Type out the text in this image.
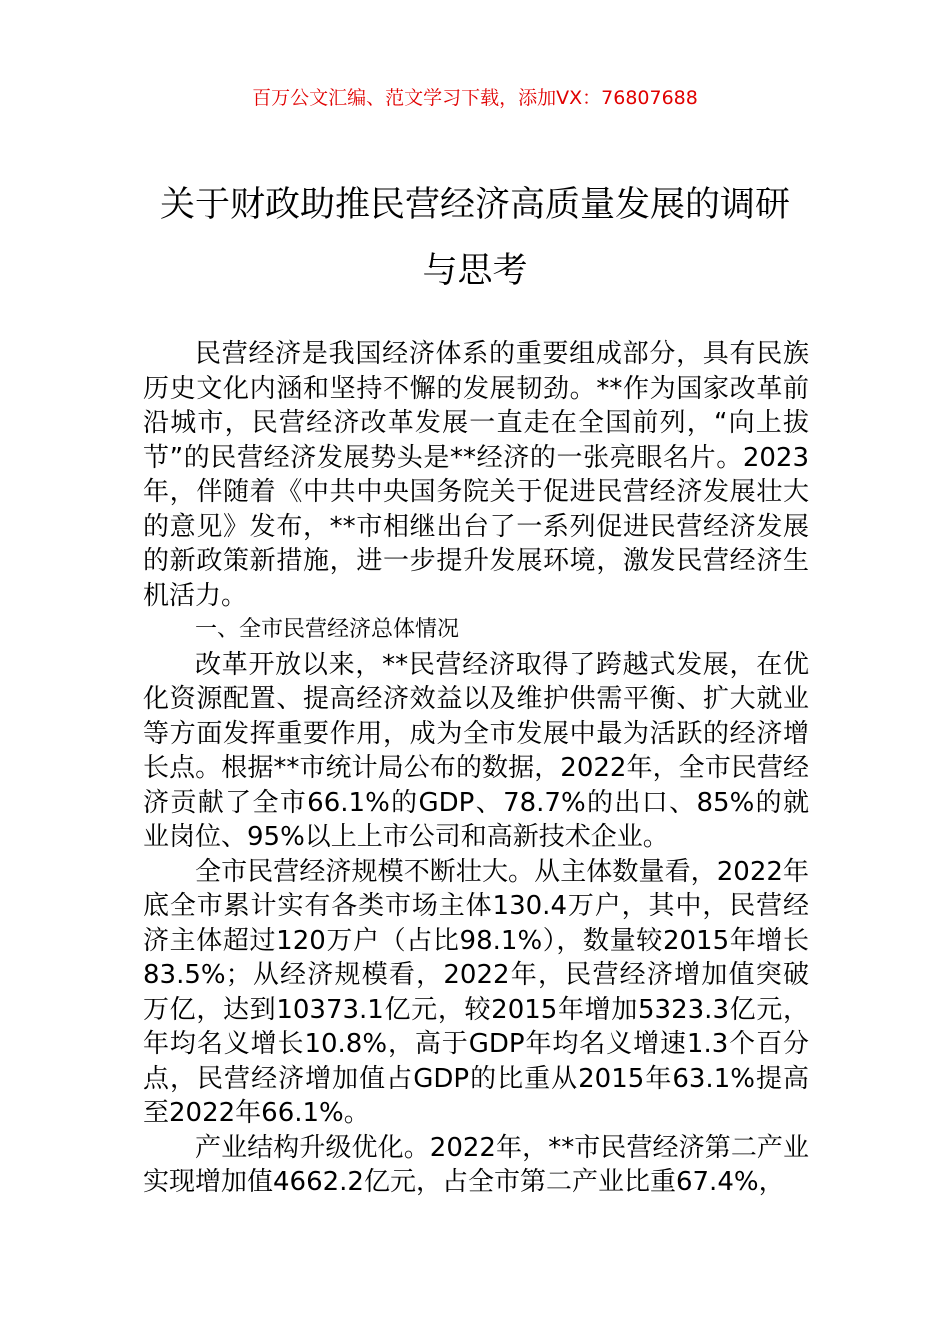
百万公文汇编、范文学习下载，添加VX：76807688
关于财政助推民营经济高质量发展的调研
与思考

民营经济是我国经济体系的重要组成部分，具有民族历史文化内涵和坚持不懈的发展韧劲。**作为国家改革前沿城市，民营经济改革发展一直走在全国前列，“向上拔节”的民营经济发展势头是**经济的一张亮眼名片。2023年，伴随着《中共中央国务院关于促进民营经济发展壮大的意见》发布，**市相继出台了一系列促进民营经济发展的新政策新措施，进一步提升发展环境，激发民营经济生机活力。

一、全市民营经济总体情况

改革开放以来，**民营经济取得了跨越式发展，在优化资源配置、提高经济效益以及维护供需平衡、扩大就业等方面发挥重要作用，成为全市发展中最为活跃的经济增长点。根据**市统计局公布的数据，2022年，全市民营经济贡献了全市66.1%的GDP、78.7%的出口、85%的就业岗位、95%以上上市公司和高新技术企业。

全市民营经济规模不断壮大。从主体数量看，2022年底全市累计实有各类市场主体130.4万户，其中，民营经济主体超过120万户（占比98.1%），数量较2015年增长83.5%；从经济规模看，2022年，民营经济增加值突破万亿，达到10373.1亿元，较2015年增加5323.3亿元，年均名义增长10.8%，高于GDP年均名义增速1.3个百分点，民营经济增加值占GDP的比重从2015年63.1%提高至2022年66.1%。

产业结构升级优化。2022年，**市民营经济第二产业实现增加值4662.2亿元，占全市第二产业比重67.4%，
